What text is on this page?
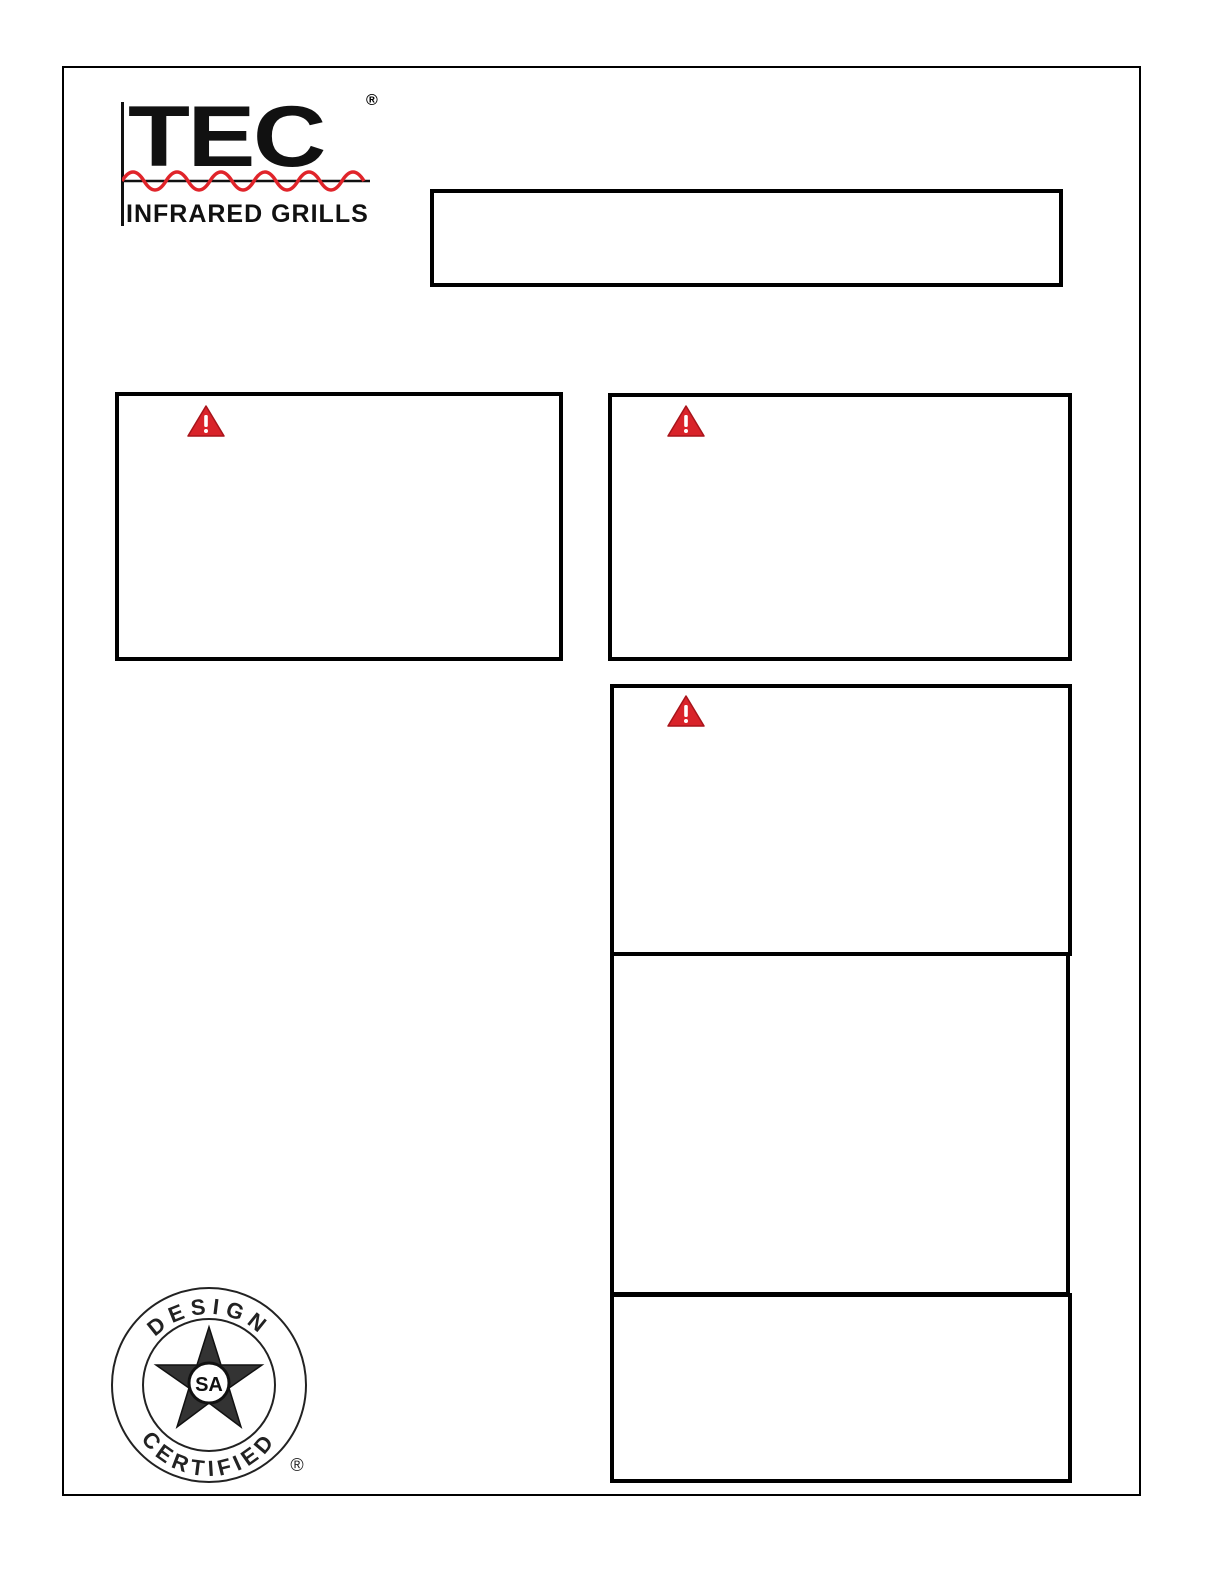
TEC	®
INFRARED GRILLS
DESIGN
CERTIFIED
SA
®
